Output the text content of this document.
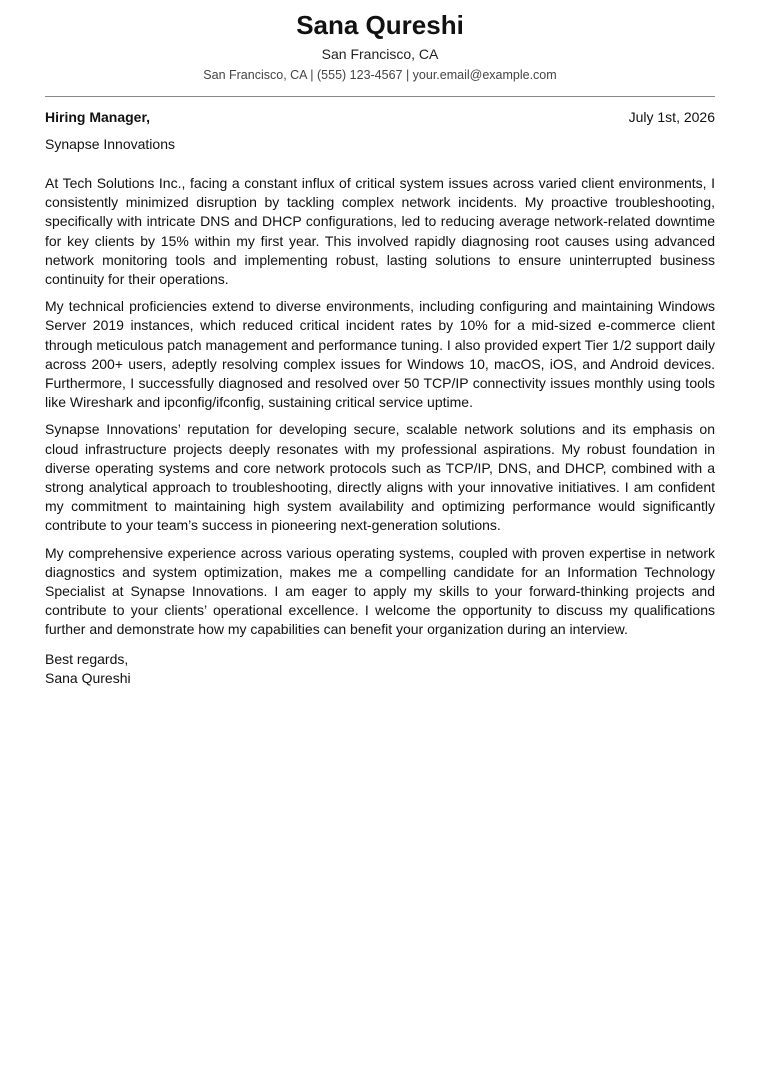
Sana Qureshi
San Francisco, CA
San Francisco, CA | (555) 123-4567 | your.email@example.com
Hiring Manager,	July 1st, 2026
Synapse Innovations

At Tech Solutions Inc., facing a constant influx of critical system issues across varied client environments, I consistently minimized disruption by tackling complex network incidents. My proactive troubleshooting, specifically with intricate DNS and DHCP configurations, led to reducing average network-related downtime for key clients by 15% within my first year. This involved rapidly diagnosing root causes using advanced network monitoring tools and implementing robust, lasting solutions to ensure uninterrupted business continuity for their operations.

My technical proficiencies extend to diverse environments, including configuring and maintaining Windows Server 2019 instances, which reduced critical incident rates by 10% for a mid-sized e-commerce client through meticulous patch management and performance tuning. I also provided expert Tier 1/2 support daily across 200+ users, adeptly resolving complex issues for Windows 10, macOS, iOS, and Android devices. Furthermore, I successfully diagnosed and resolved over 50 TCP/IP connectivity issues monthly using tools like Wireshark and ipconfig/ifconfig, sustaining critical service uptime.

Synapse Innovations’ reputation for developing secure, scalable network solutions and its emphasis on cloud infrastructure projects deeply resonates with my professional aspirations. My robust foundation in diverse operating systems and core network protocols such as TCP/IP, DNS, and DHCP, combined with a strong analytical approach to troubleshooting, directly aligns with your innovative initiatives. I am confident my commitment to maintaining high system availability and optimizing performance would significantly contribute to your team’s success in pioneering next-generation solutions.

My comprehensive experience across various operating systems, coupled with proven expertise in network diagnostics and system optimization, makes me a compelling candidate for an Information Technology Specialist at Synapse Innovations. I am eager to apply my skills to your forward-thinking projects and contribute to your clients’ operational excellence. I welcome the opportunity to discuss my qualifications further and demonstrate how my capabilities can benefit your organization during an interview.

Best regards,
Sana Qureshi
